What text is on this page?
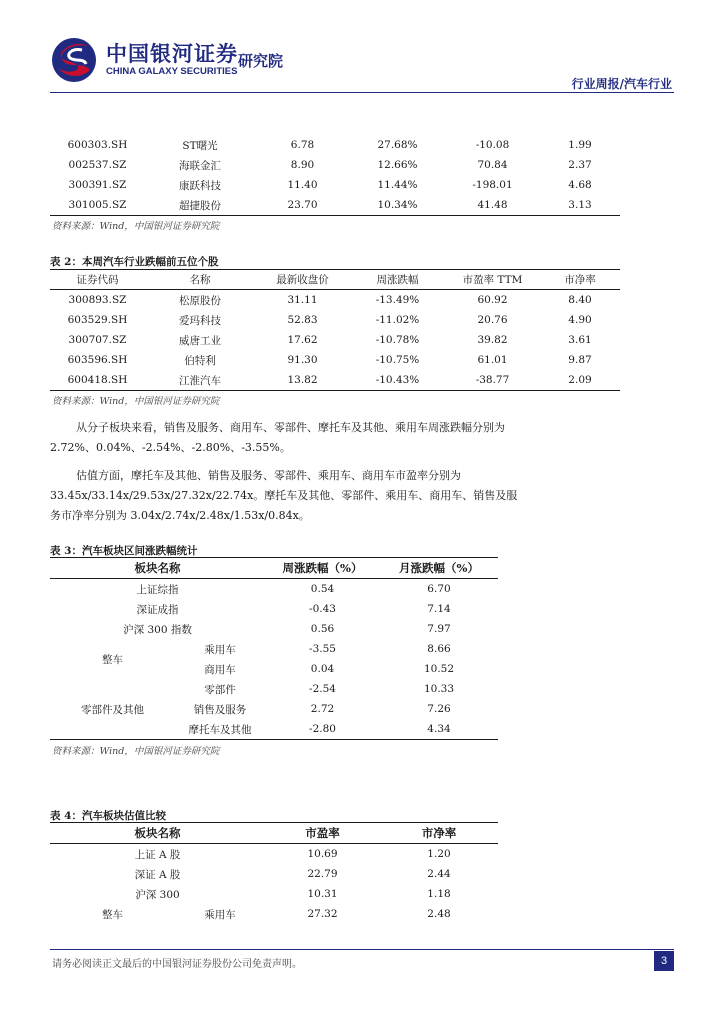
中国银河证券
CHINA GALAXY SECURITIES
研究院
行业周报/汽车行业
600303.SH	ST曙光	6.78	27.68%	-10.08	1.99
002537.SZ	海联金汇	8.90	12.66%	70.84	2.37
300391.SZ	康跃科技	11.40	11.44%	-198.01	4.68
301005.SZ	超捷股份	23.70	10.34%	41.48	3.13
资料来源：Wind，中国银河证券研究院
表 2：本周汽车行业跌幅前五位个股
证券代码	名称	最新收盘价	周涨跌幅	市盈率 TTM	市净率
300893.SZ	松原股份	31.11	-13.49%	60.92	8.40
603529.SH	爱玛科技	52.83	-11.02%	20.76	4.90
300707.SZ	威唐工业	17.62	-10.78%	39.82	3.61
603596.SH	伯特利	91.30	-10.75%	61.01	9.87
600418.SH	江淮汽车	13.82	-10.43%	-38.77	2.09
资料来源：Wind，中国银河证券研究院
从分子板块来看，销售及服务、商用车、零部件、摩托车及其他、乘用车周涨跌幅分别为
2.72%、0.04%、-2.54%、-2.80%、-3.55%。
估值方面，摩托车及其他、销售及服务、零部件、乘用车、商用车市盈率分别为
33.45x/33.14x/29.53x/27.32x/22.74x。摩托车及其他、零部件、乘用车、商用车、销售及服
务市净率分别为 3.04x/2.74x/2.48x/1.53x/0.84x。
表 3：汽车板块区间涨跌幅统计
板块名称		周涨跌幅（%）	月涨跌幅（%）
上证综指		0.54	6.70
深证成指		-0.43	7.14
沪深 300 指数		0.56	7.97
整车	乘用车	-3.55	8.66
	商用车	0.04	10.52
零部件及其他	零部件	-2.54	10.33
	销售及服务	2.72	7.26
	摩托车及其他	-2.80	4.34
资料来源：Wind，中国银河证券研究院
表 4：汽车板块估值比较
板块名称		市盈率	市净率
上证 A 股		10.69	1.20
深证 A 股		22.79	2.44
沪深 300		10.31	1.18
整车	乘用车	27.32	2.48
请务必阅读正文最后的中国银河证券股份公司免责声明。	3
